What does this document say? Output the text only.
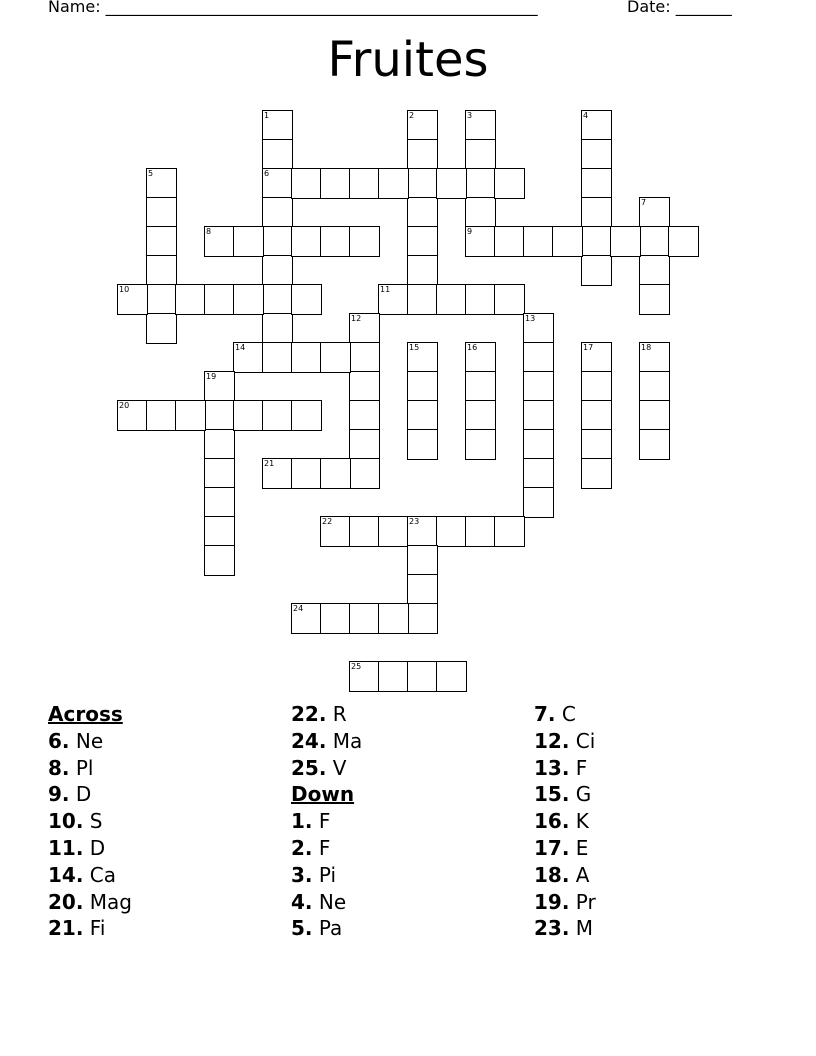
Name: ______________________________________________________	Date: _______
Fruites
1
6
2	3
9
4
5
7
8
10	11
12	13
14	15	16	17	18
19
20
21
22	23
24
25
Across
6. Ne
8. Pl
9. D
10. S
11. D
14. Ca
20. Mag
21. Fi
22. R
24. Ma
25. V
Down
1. F
2. F
3. Pi
4. Ne
5. Pa
7. C
12. Ci
13. F
15. G
16. K
17. E
18. A
19. Pr
23. M
